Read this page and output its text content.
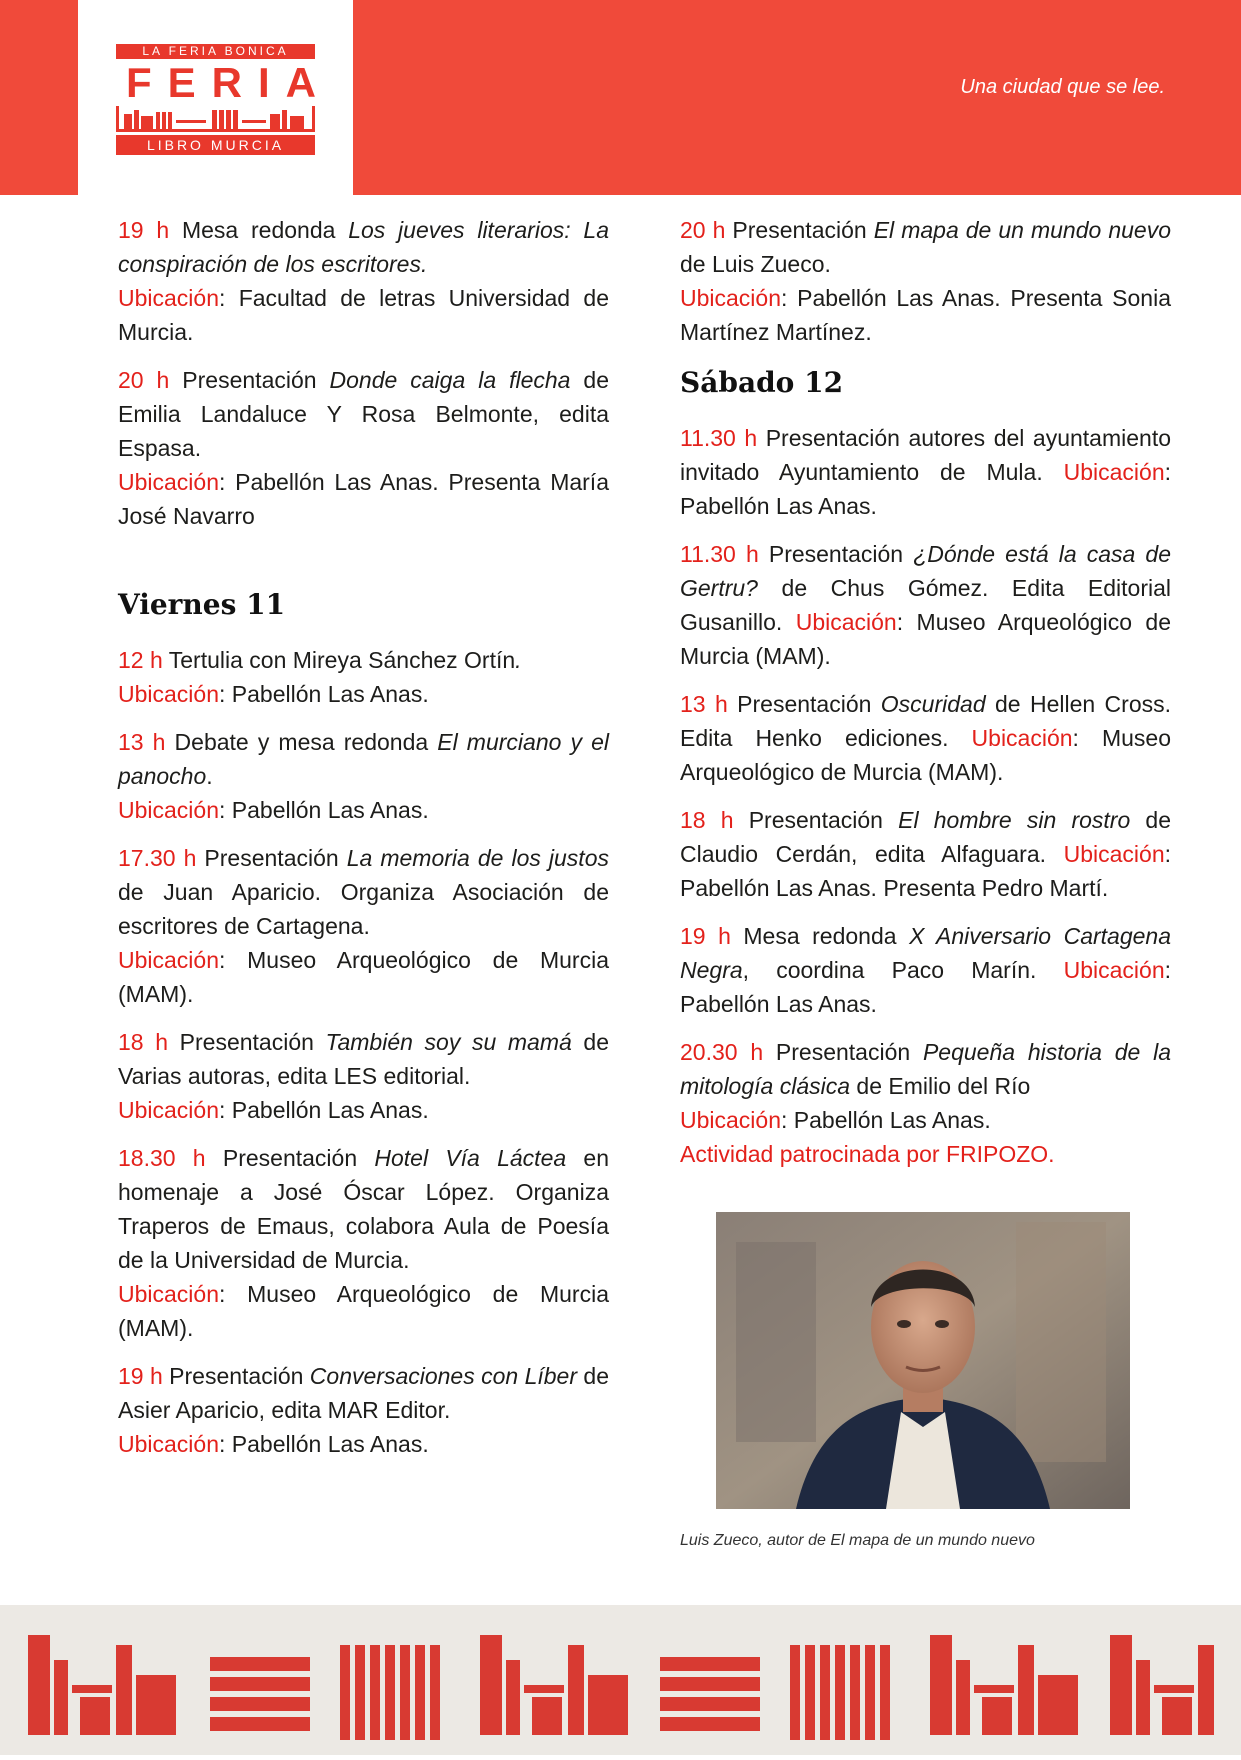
LA FERIA BONICA
FERIA
LIBRO MURCIA
Una ciudad que se lee.

19 h Mesa redonda Los jueves literarios: La conspiración de los escritores.
Ubicación: Facultad de letras Universidad de Murcia.

20 h Presentación Donde caiga la flecha de Emilia Landaluce Y Rosa Belmonte, edita Espasa.
Ubicación: Pabellón Las Anas. Presenta María José Navarro

Viernes 11

12 h Tertulia con Mireya Sánchez Ortín.
Ubicación: Pabellón Las Anas.

13 h Debate y mesa redonda El murciano y el panocho.
Ubicación: Pabellón Las Anas.

17.30 h Presentación La memoria de los justos de Juan Aparicio. Organiza Asociación de escritores de Cartagena.
Ubicación: Museo Arqueológico de Murcia (MAM).

18 h Presentación También soy su mamá de Varias autoras, edita LES editorial.
Ubicación: Pabellón Las Anas.

18.30 h Presentación Hotel Vía Láctea en homenaje a José Óscar López. Organiza Traperos de Emaus, colabora Aula de Poesía de la Universidad de Murcia.
Ubicación: Museo Arqueológico de Murcia (MAM).

19 h Presentación Conversaciones con Líber de Asier Aparicio, edita MAR Editor.
Ubicación: Pabellón Las Anas.

20 h Presentación El mapa de un mundo nuevo de Luis Zueco.
Ubicación: Pabellón Las Anas. Presenta Sonia Martínez Martínez.

Sábado 12

11.30 h Presentación autores del ayuntamiento invitado Ayuntamiento de Mula. Ubicación: Pabellón Las Anas.

11.30 h Presentación ¿Dónde está la casa de Gertru? de Chus Gómez. Edita Editorial Gusanillo. Ubicación: Museo Arqueológico de Murcia (MAM).

13 h Presentación Oscuridad de Hellen Cross. Edita Henko ediciones. Ubicación: Museo Arqueológico de Murcia (MAM).

18 h Presentación El hombre sin rostro de Claudio Cerdán, edita Alfaguara. Ubicación: Pabellón Las Anas. Presenta Pedro Martí.

19 h Mesa redonda X Aniversario Cartagena Negra, coordina Paco Marín. Ubicación: Pabellón Las Anas.

20.30 h Presentación Pequeña historia de la mitología clásica de Emilio del Río
Ubicación: Pabellón Las Anas.
Actividad patrocinada por FRIPOZO.

Luis Zueco, autor de El mapa de un mundo nuevo
